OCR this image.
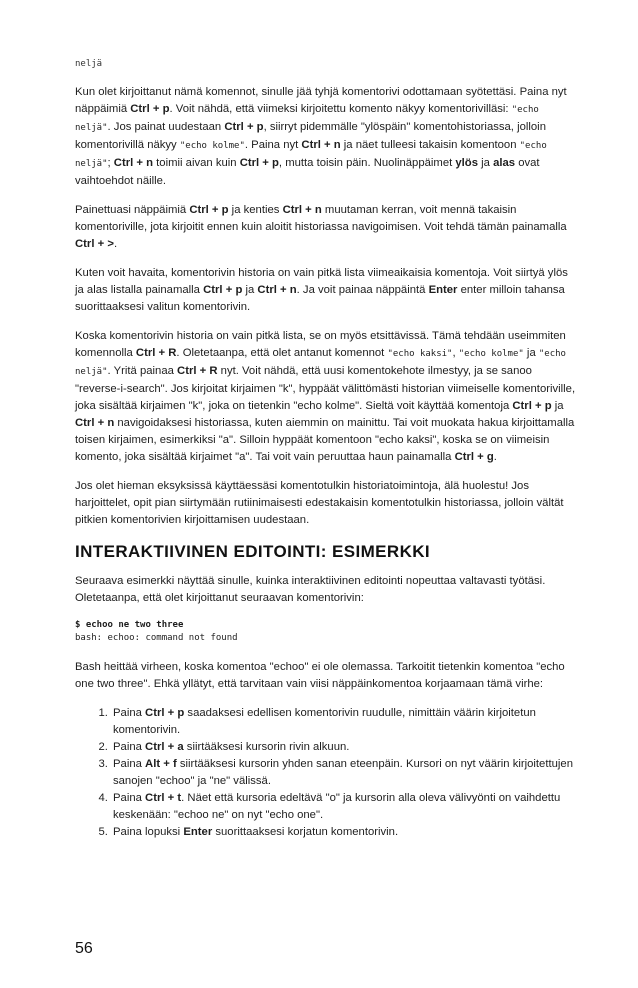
neljä

Kun olet kirjoittanut nämä komennot, sinulle jää tyhjä komentorivi odottamaan syötettäsi. Paina nyt näppäimiä Ctrl + p. Voit nähdä, että viimeksi kirjoitettu komento näkyy komentorivilläsi: "echo neljä". Jos painat uudestaan Ctrl + p, siirryt pidemmälle "ylöspäin" komentohistoriassa, jolloin komentorivillä näkyy "echo kolme". Paina nyt Ctrl + n ja näet tulleesi takaisin komentoon "echo neljä"; Ctrl + n toimii aivan kuin Ctrl + p, mutta toisin päin. Nuolinäppäimet ylös ja alas ovat vaihtoehdot näille.

Painettuasi näppäimiä Ctrl + p ja kenties Ctrl + n muutaman kerran, voit mennä takaisin komentoriville, jota kirjoitit ennen kuin aloitit historiassa navigoimisen. Voit tehdä tämän painamalla Ctrl + >.

Kuten voit havaita, komentorivin historia on vain pitkä lista viimeaikaisia komentoja. Voit siirtyä ylös ja alas listalla painamalla Ctrl + p ja Ctrl + n. Ja voit painaa näppäintä Enter enter milloin tahansa suorittaaksesi valitun komentorivin.

Koska komentorivin historia on vain pitkä lista, se on myös etsittävissä. Tämä tehdään useimmiten komennolla Ctrl + R. Oletetaanpa, että olet antanut komennot "echo kaksi", "echo kolme" ja "echo neljä". Yritä painaa Ctrl + R nyt. Voit nähdä, että uusi komentokehote ilmestyy, ja se sanoo "reverse-i-search". Jos kirjoitat kirjaimen "k", hyppäät välittömästi historian viimeiselle komentoriville, joka sisältää kirjaimen "k", joka on tietenkin "echo kolme". Sieltä voit käyttää komentoja Ctrl + p ja Ctrl + n navigoidaksesi historiassa, kuten aiemmin on mainittu. Tai voit muokata hakua kirjoittamalla toisen kirjaimen, esimerkiksi "a". Silloin hyppäät komentoon "echo kaksi", koska se on viimeisin komento, joka sisältää kirjaimet "a". Tai voit vain peruuttaa haun painamalla Ctrl + g.

Jos olet hieman eksyksissä käyttäessäsi komentotulkin historiatoimintoja, älä huolestu! Jos harjoittelet, opit pian siirtymään rutiinimaisesti edestakaisin komentotulkin historiassa, jolloin vältät pitkien komentorivien kirjoittamisen uudestaan.

INTERAKTIIVINEN EDITOINTI: ESIMERKKI

Seuraava esimerkki näyttää sinulle, kuinka interaktiivinen editointi nopeuttaa valtavasti työtäsi. Oletetaanpa, että olet kirjoittanut seuraavan komentorivin:

$ echoo ne two three
bash: echoo: command not found

Bash heittää virheen, koska komentoa "echoo" ei ole olemassa. Tarkoitit tietenkin komentoa "echo one two three". Ehkä yllätyt, että tarvitaan vain viisi näppäinkomentoa korjaamaan tämä virhe:

1. Paina Ctrl + p saadaksesi edellisen komentorivin ruudulle, nimittäin väärin kirjoitetun komentorivin.
2. Paina Ctrl + a siirtääksesi kursorin rivin alkuun.
3. Paina Alt + f siirtääksesi kursorin yhden sanan eteenpäin. Kursori on nyt väärin kirjoitettujen sanojen "echoo" ja "ne" välissä.
4. Paina Ctrl + t. Näet että kursoria edeltävä "o" ja kursorin alla oleva välivyönti on vaihdettu keskenään: "echoo ne" on nyt "echo one".
5. Paina lopuksi Enter suorittaaksesi korjatun komentorivin.
56
